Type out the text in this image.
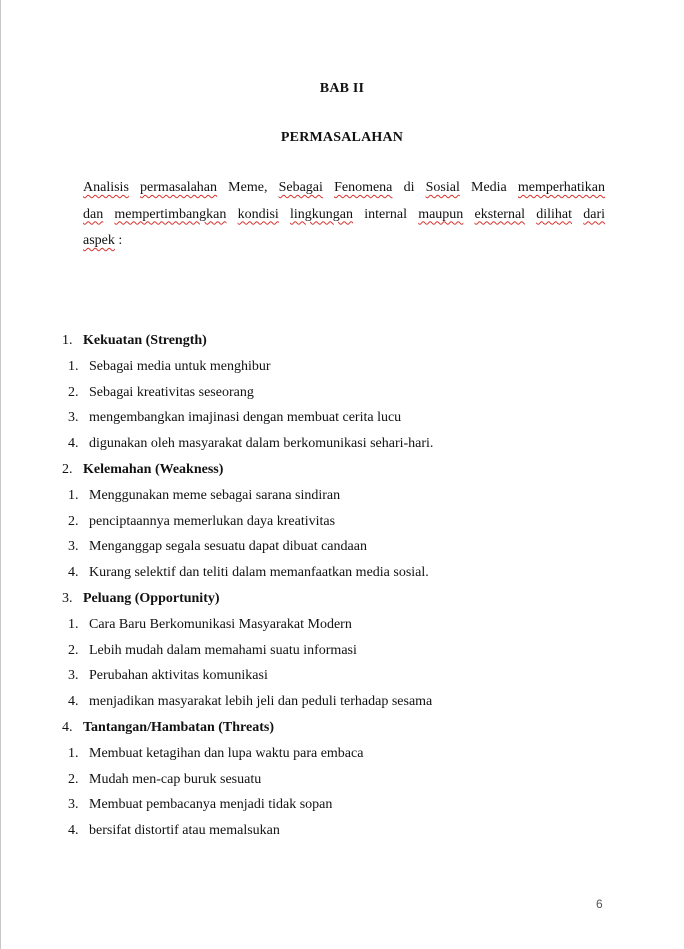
BAB II
PERMASALAHAN
Analisis permasalahan Meme, Sebagai Fenomena di Sosial Media memperhatikan
dan mempertimbangkan kondisi lingkungan internal maupun eksternal dilihat dari
aspek :
1. Kekuatan (Strength)
1. Sebagai media untuk menghibur
2. Sebagai kreativitas seseorang
3. mengembangkan imajinasi dengan membuat cerita lucu
4. digunakan oleh masyarakat dalam berkomunikasi sehari-hari.
2. Kelemahan (Weakness)
1. Menggunakan meme sebagai sarana sindiran
2. penciptaannya memerlukan daya kreativitas
3. Menganggap segala sesuatu dapat dibuat candaan
4. Kurang selektif dan teliti dalam memanfaatkan media sosial.
3. Peluang (Opportunity)
1. Cara Baru Berkomunikasi Masyarakat Modern
2. Lebih mudah dalam memahami suatu informasi
3. Perubahan aktivitas komunikasi
4. menjadikan masyarakat lebih jeli dan peduli terhadap sesama
4. Tantangan/Hambatan (Threats)
1. Membuat ketagihan dan lupa waktu para embaca
2. Mudah men-cap buruk sesuatu
3. Membuat pembacanya menjadi tidak sopan
4. bersifat distortif atau memalsukan
6
